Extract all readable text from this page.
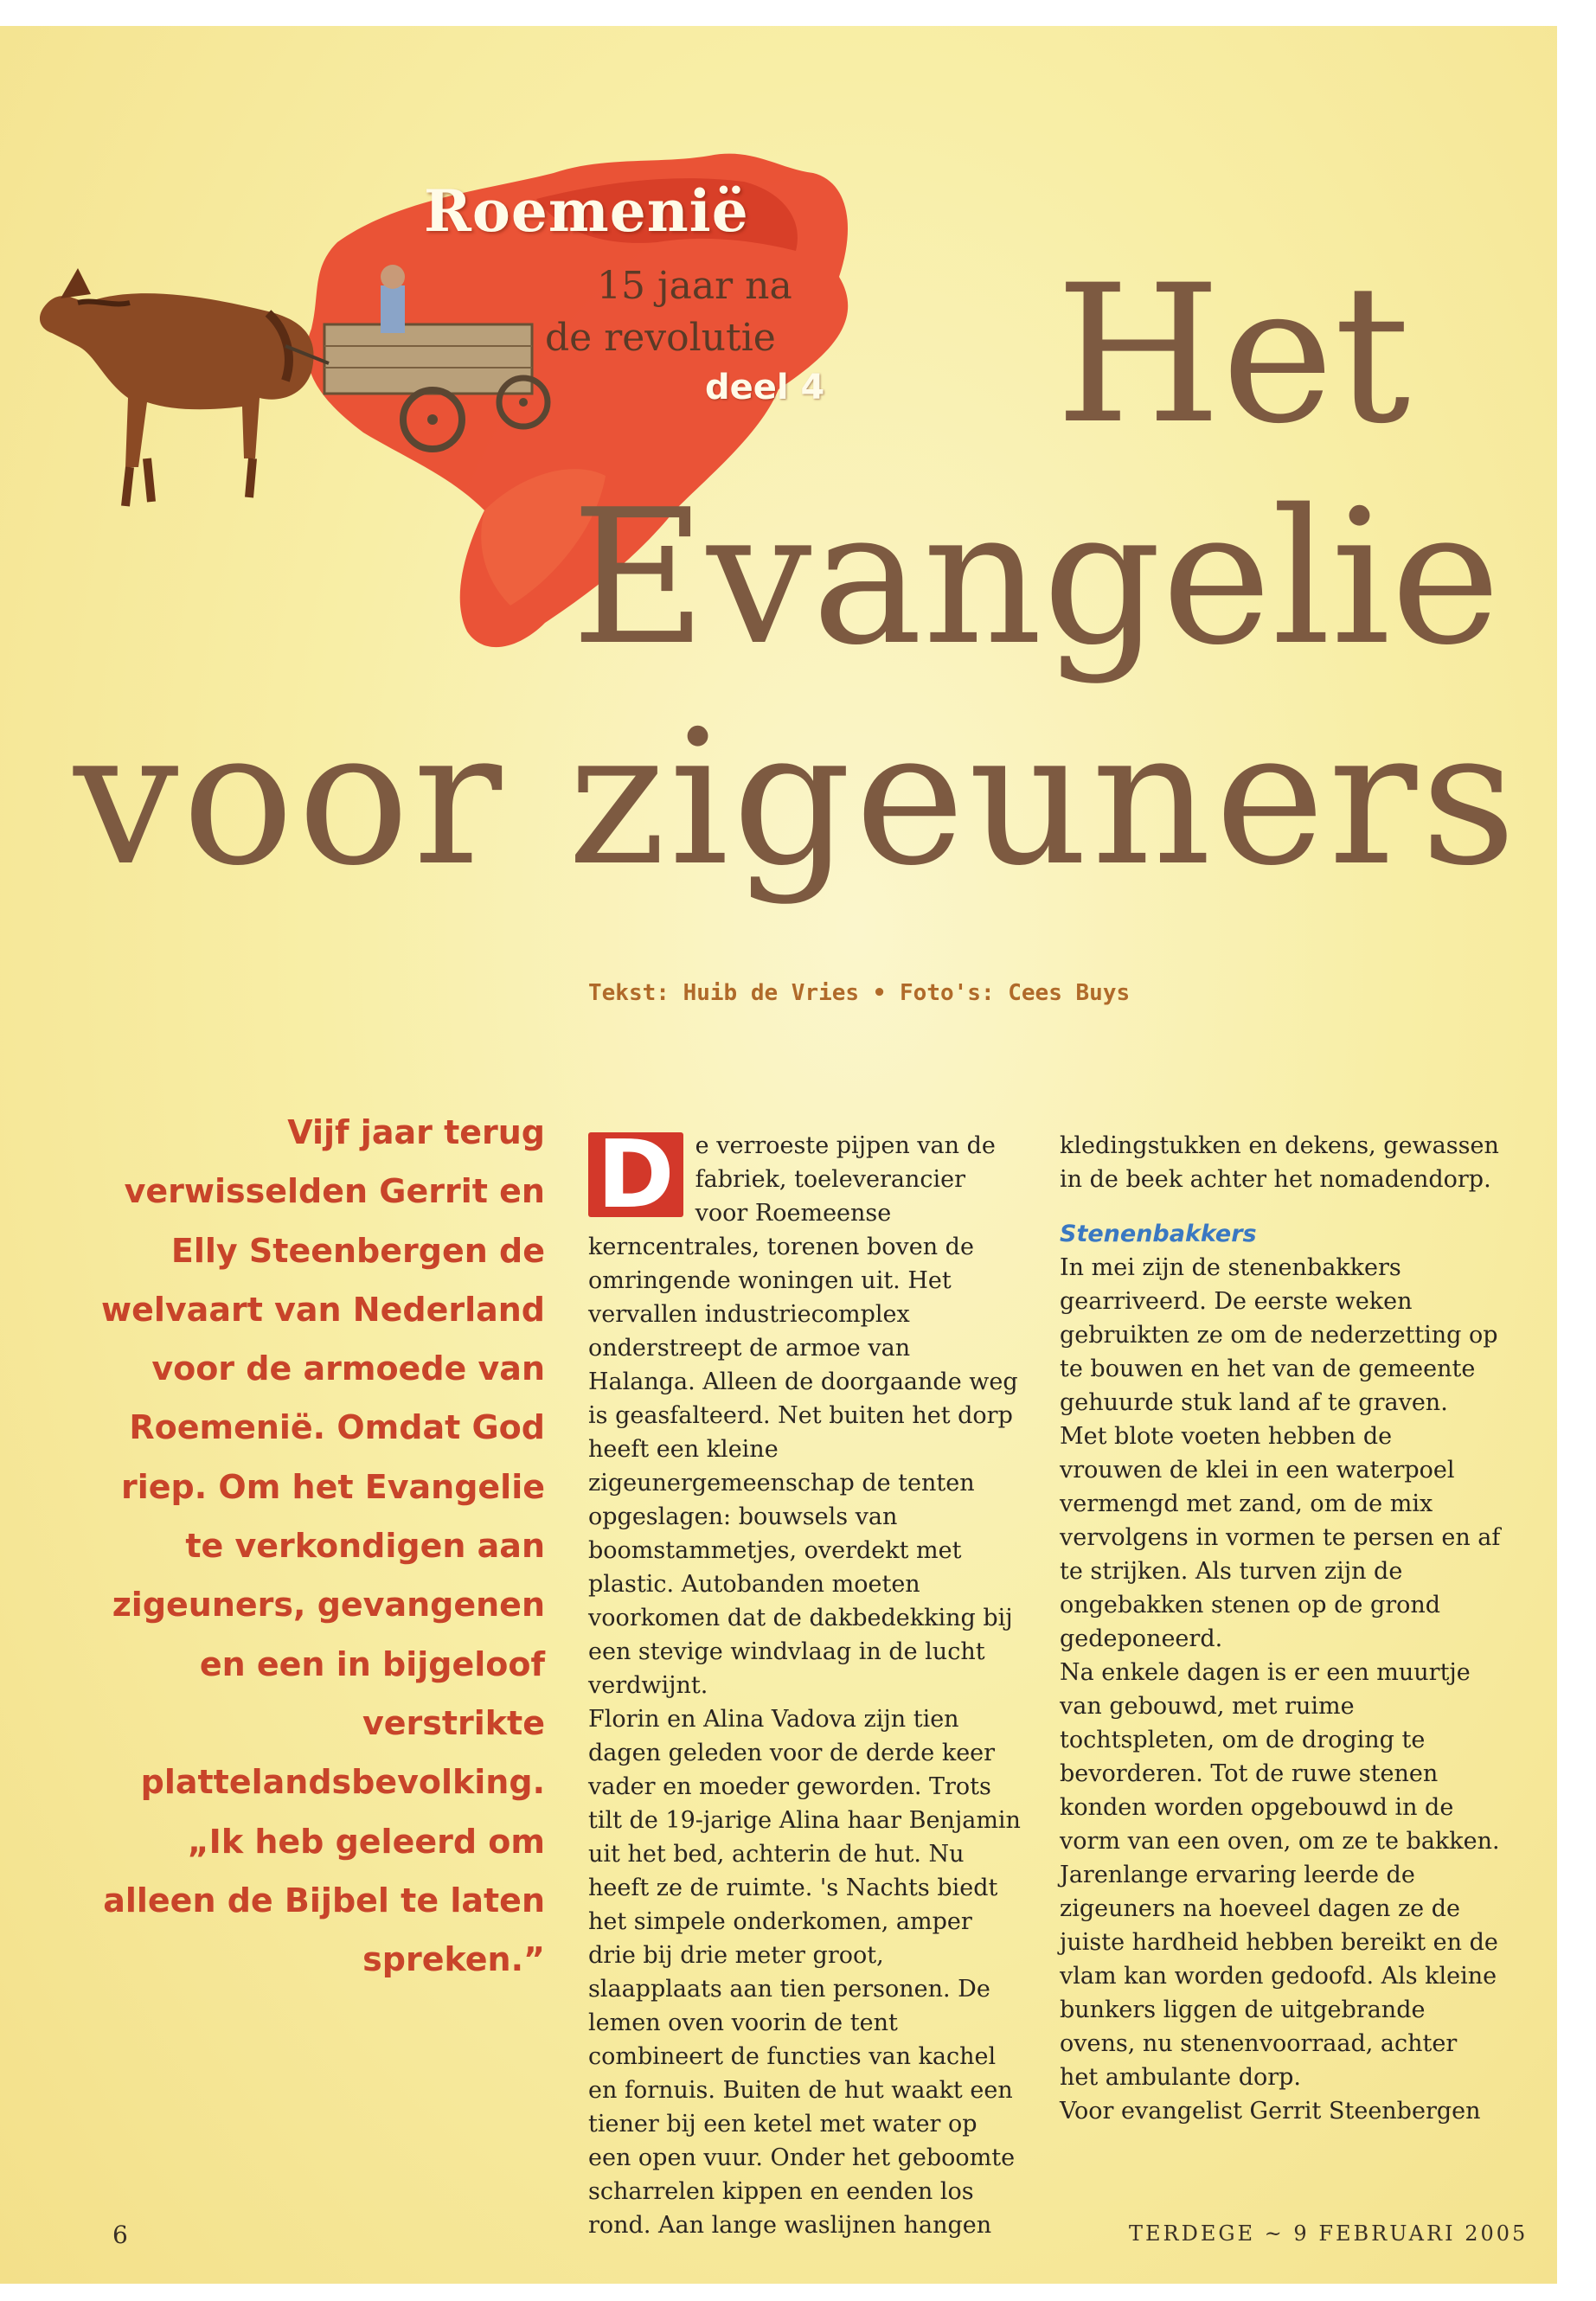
Roemenië
15 jaar na
de revolutie
deel 4 Het
Evangelie
voor zigeuners
Tekst: Huib de Vries • Foto's: Cees Buys
Vijf jaar terug verwisselden Gerrit en Elly Steenbergen de welvaart van Nederland voor de armoede van Roemenië. Omdat God riep. Om het Evangelie te verkondigen aan zigeuners, gevangenen en een in bijgeloof verstrikte plattelandsbevolking. „Ik heb geleerd om alleen de Bijbel te laten spreken.”

D e verroeste pijpen van de fabriek, toeleverancier voor Roemeense kerncentrales, torenen boven de omringende woningen uit. Het vervallen industriecomplex onderstreept de armoe van Halanga. Alleen de doorgaande weg is geasfalteerd. Net buiten het dorp heeft een kleine zigeunergemeenschap de tenten opgeslagen: bouwsels van boomstammetjes, overdekt met plastic. Autobanden moeten voorkomen dat de dakbedekking bij een stevige windvlaag in de lucht verdwijnt.

Florin en Alina Vadova zijn tien dagen geleden voor de derde keer vader en moeder geworden. Trots tilt de 19-jarige Alina haar Benjamin uit het bed, achterin de hut. Nu heeft ze de ruimte. 's Nachts biedt het simpele onderkomen, amper drie bij drie meter groot, slaapplaats aan tien personen. De lemen oven voorin de tent combineert de functies van kachel en fornuis. Buiten de hut waakt een tiener bij een ketel met water op een open vuur. Onder het geboomte scharrelen kippen en eenden los rond. Aan lange waslijnen hangen

kledingstukken en dekens, gewassen in de beek achter het nomadendorp.

Stenenbakkers

In mei zijn de stenenbakkers gearriveerd. De eerste weken gebruikten ze om de nederzetting op te bouwen en het van de gemeente gehuurde stuk land af te graven. Met blote voeten hebben de vrouwen de klei in een waterpoel vermengd met zand, om de mix vervolgens in vormen te persen en af te strijken. Als turven zijn de ongebakken stenen op de grond gedeponeerd.

Na enkele dagen is er een muurtje van gebouwd, met ruime tochtspleten, om de droging te bevorderen. Tot de ruwe stenen konden worden opgebouwd in de vorm van een oven, om ze te bakken. Jarenlange ervaring leerde de zigeuners na hoeveel dagen ze de juiste hardheid hebben bereikt en de vlam kan worden gedoofd. Als kleine bunkers liggen de uitgebrande ovens, nu stenenvoorraad, achter het ambulante dorp.

Voor evangelist Gerrit Steenbergen

6	TERDEGE ~ 9 FEBRUARI 2005
